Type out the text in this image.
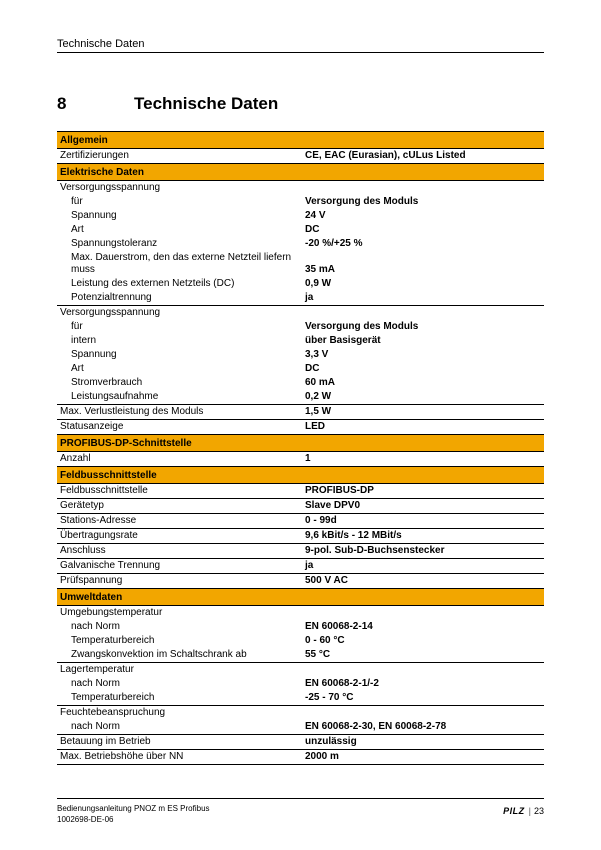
Technische Daten
8	Technische Daten
Allgemein	
Zertifizierungen	CE, EAC (Eurasian), cULus Listed
Elektrische Daten	
Versorgungsspannung	
für	Versorgung des Moduls
Spannung	24 V
Art	DC
Spannungstoleranz	-20 %/+25 %
Max. Dauerstrom, den das externe Netzteil liefern muss	35 mA
Leistung des externen Netzteils (DC)	0,9 W
Potenzialtrennung	ja
Versorgungsspannung	
für	Versorgung des Moduls
intern	über Basisgerät
Spannung	3,3 V
Art	DC
Stromverbrauch	60 mA
Leistungsaufnahme	0,2 W
Max. Verlustleistung des Moduls	1,5 W
Statusanzeige	LED
PROFIBUS-DP-Schnittstelle	
Anzahl	1
Feldbusschnittstelle	
Feldbusschnittstelle	PROFIBUS-DP
Gerätetyp	Slave DPV0
Stations-Adresse	0 - 99d
Übertragungsrate	9,6 kBit/s - 12 MBit/s
Anschluss	9-pol. Sub-D-Buchsenstecker
Galvanische Trennung	ja
Prüfspannung	500 V AC
Umweltdaten	
Umgebungstemperatur	
nach Norm	EN 60068-2-14
Temperaturbereich	0 - 60 °C
Zwangskonvektion im Schaltschrank ab	55 °C
Lagertemperatur	
nach Norm	EN 60068-2-1/-2
Temperaturbereich	-25 - 70 °C
Feuchtebeanspruchung	
nach Norm	EN 60068-2-30, EN 60068-2-78
Betauung im Betrieb	unzulässig
Max. Betriebshöhe über NN	2000 m
Bedienungsanleitung PNOZ m ES Profibus
1002698-DE-06
PILZ | 23
